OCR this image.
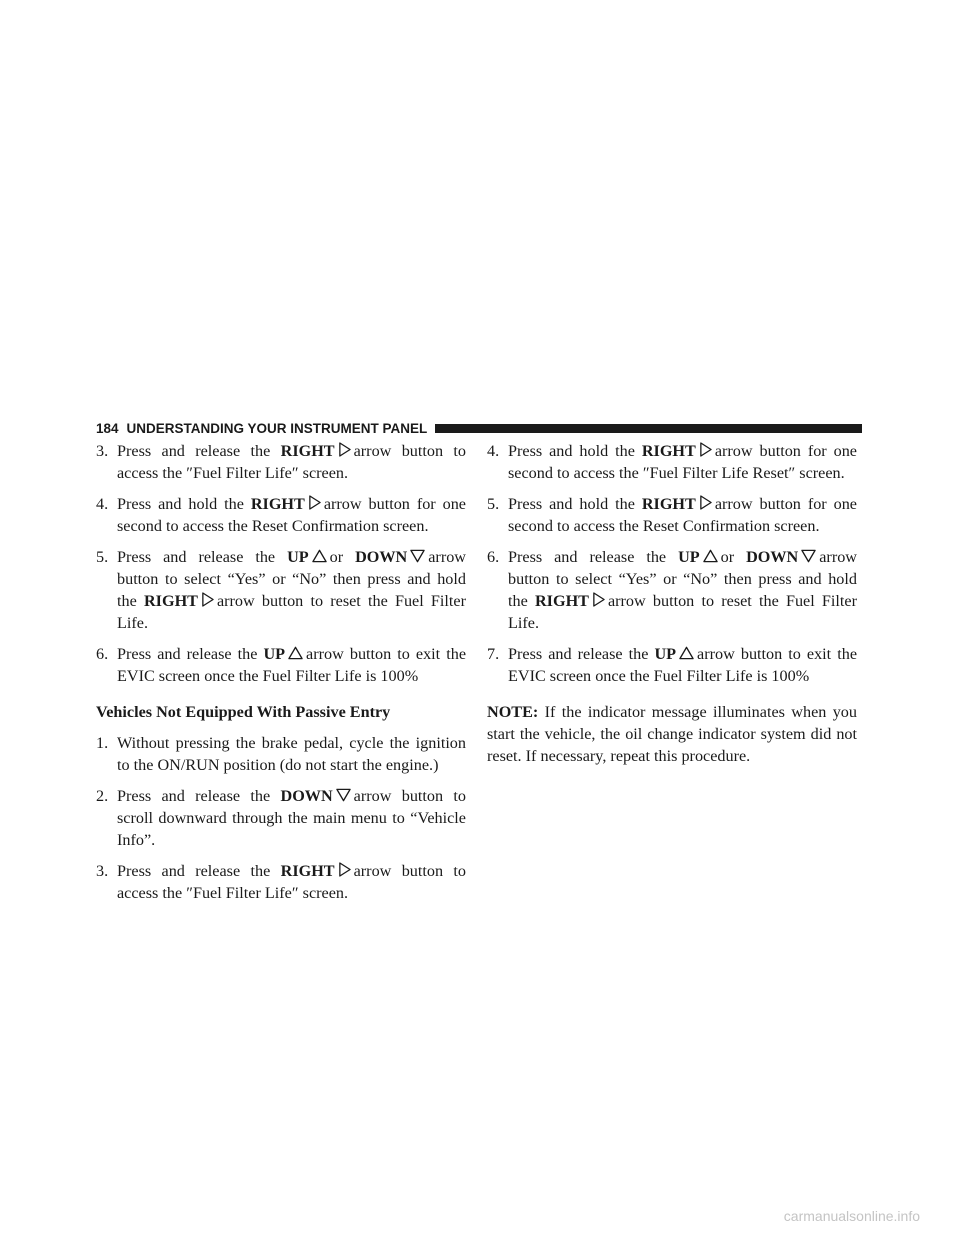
184 UNDERSTANDING YOUR INSTRUMENT PANEL
3. Press and release the RIGHT arrow button to access the ″Fuel Filter Life″ screen.
4. Press and hold the RIGHT arrow button for one second to access the Reset Confirmation screen.
5. Press and release the UP or DOWN arrow button to select “Yes” or “No” then press and hold the RIGHT arrow button to reset the Fuel Filter Life.
6. Press and release the UP arrow button to exit the EVIC screen once the Fuel Filter Life is 100%
Vehicles Not Equipped With Passive Entry
1. Without pressing the brake pedal, cycle the ignition to the ON/RUN position (do not start the engine.)
2. Press and release the DOWN arrow button to scroll downward through the main menu to “Vehicle Info”.
3. Press and release the RIGHT arrow button to access the ″Fuel Filter Life″ screen.
4. Press and hold the RIGHT arrow button for one second to access the ″Fuel Filter Life Reset″ screen.
5. Press and hold the RIGHT arrow button for one second to access the Reset Confirmation screen.
6. Press and release the UP or DOWN arrow button to select “Yes” or “No” then press and hold the RIGHT arrow button to reset the Fuel Filter Life.
7. Press and release the UP arrow button to exit the EVIC screen once the Fuel Filter Life is 100%
NOTE: If the indicator message illuminates when you start the vehicle, the oil change indicator system did not reset. If necessary, repeat this procedure.
carmanualsonline.info
